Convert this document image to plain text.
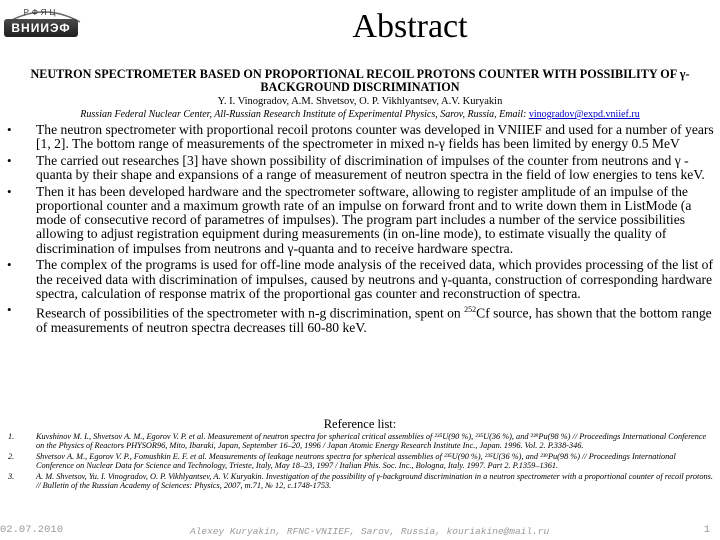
РФЯЦ
ВНИИЭФ	Abstract
NEUTRON SPECTROMETER BASED ON PROPORTIONAL RECOIL PROTONS COUNTER WITH POSSIBILITY OF γ-BACKGROUND DISCRIMINATION
Y. I. Vinogradov, A.M. Shvetsov, O. P. Vikhlyantsev, A.V. Kuryakin
Russian Federal Nuclear Center, All-Russian Research Institute of Experimental Physics, Sarov, Russia, Email: vinogradov@expd.vniief.ru
• The neutron spectrometer with proportional recoil protons counter was developed in VNIIEF and used for a number of years [1, 2]. The bottom range of measurements of the spectrometer in mixed n-γ fields has been limited by energy 0.5 MeV
• The carried out researches [3] have shown possibility of discrimination of impulses of the counter from neutrons and γ -quanta by their shape and expansions of a range of measurement of neutron spectra in the field of low energies to tens keV.
• Then it has been developed hardware and the spectrometer software, allowing to register amplitude of an impulse of the proportional counter and a maximum growth rate of an impulse on forward front and to write down them in ListMode (a mode of consecutive record of parametres of impulses). The program part includes a number of the service possibilities allowing to adjust registration equipment during measurements (in on-line mode), to estimate visually the quality of discrimination of impulses from neutrons and γ-quanta and to receive hardware spectra.
• The complex of the programs is used for off-line mode analysis of the received data, which provides processing of the list of the received data with discrimination of impulses, caused by neutrons and γ-quanta, construction of corresponding hardware spectra, calculation of response matrix of the proportional gas counter and reconstruction of spectra.
• Research of possibilities of the spectrometer with n-g discrimination, spent on $^{252}$Cf source, has shown that the bottom range of measurements of neutron spectra decreases till 60-80 keV.
Reference list:
1.	Kuvshinov M. I., Shvetsov A. M., Egorov V. P. et al. Measurement of neutron spectra for spherical critical assemblies of ²³⁵U(90 %), ²³⁵U(36 %), and ²³⁹Pu(98 %) // Proceedings International Conference on the Physics of Reactors PHYSOR96, Mito, Ibaraki, Japan, September 16–20, 1996 / Japan Atomic Energy Research Institute Inc., Japan. 1996. Vol. 2. P.338-346.
2.	Shvetsov A. M., Egorov V. P., Fomushkin E. F. et al. Measurements of leakage neutrons spectra for spherical assemblies of ²³⁵U(90 %), ²³⁵U(36 %), and ²³⁹Pu(98 %) // Proceedings International Conference on Nuclear Data for Science and Technology, Trieste, Italy, May 18–23, 1997 / Italian Phis. Soc. Inc., Bologna, Italy. 1997. Part 2. P.1359–1361.
3.	A. M. Shvetsov, Yu. I. Vinogradov, O. P. Vikhlyantsev, A. V. Kuryakin. Investigation of the possibility of γ-background discrimination in a neutron spectrometer with a proportional counter of recoil protons. // Bulletin of the Russian Academy of Sciences: Physics, 2007, m.71, № 12, c.1748-1753.
02.07.2010	Alexey Kuryakin, RFNC-VNIIEF, Sarov, Russia, kouriakine@mail.ru	1
